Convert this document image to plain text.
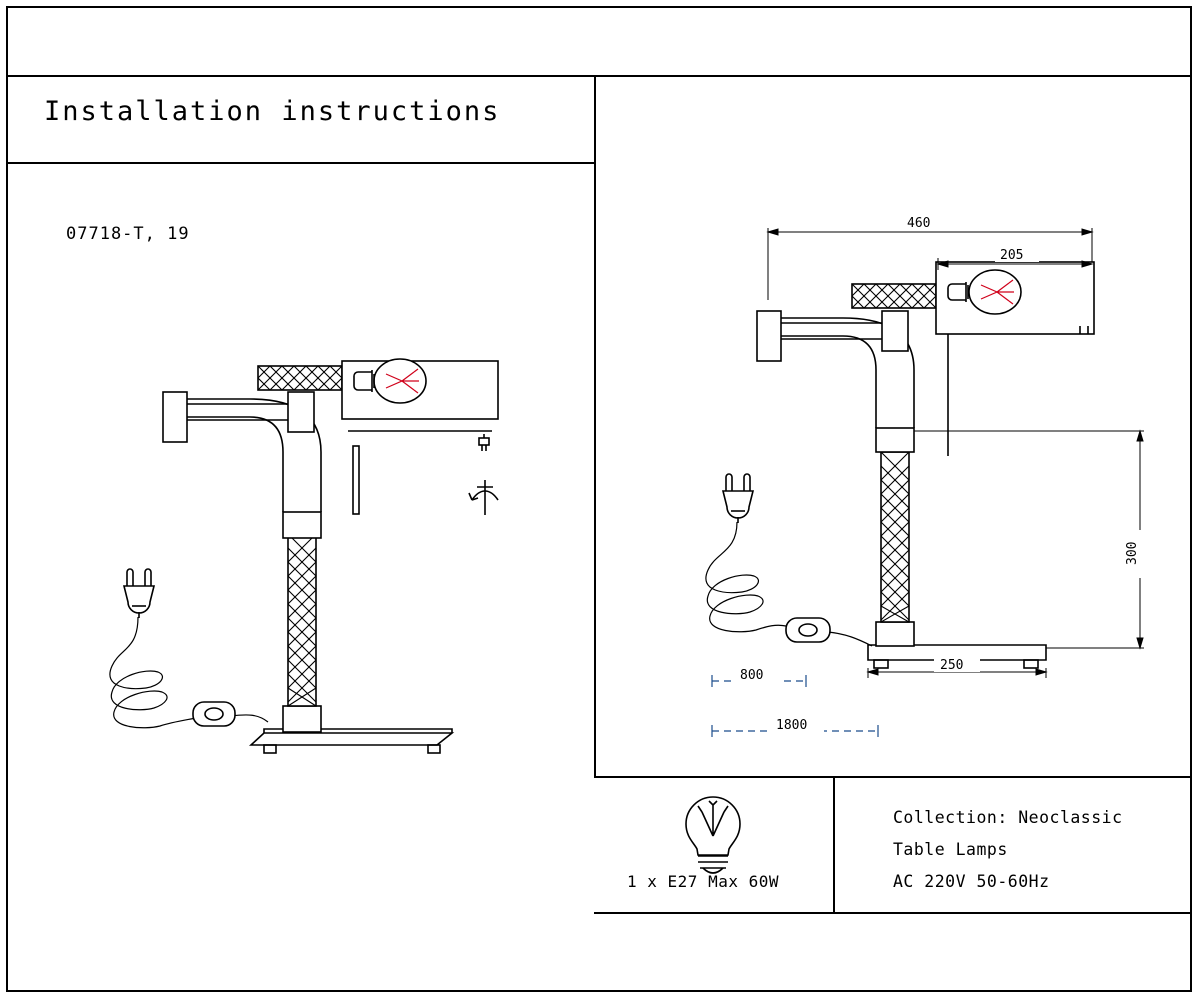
Installation instructions
07718-T, 19
460
205
300
250
800
1800
1 x E27 Max 60W
Collection: Neoclassic
Table Lamps
AC 220V 50-60Hz
